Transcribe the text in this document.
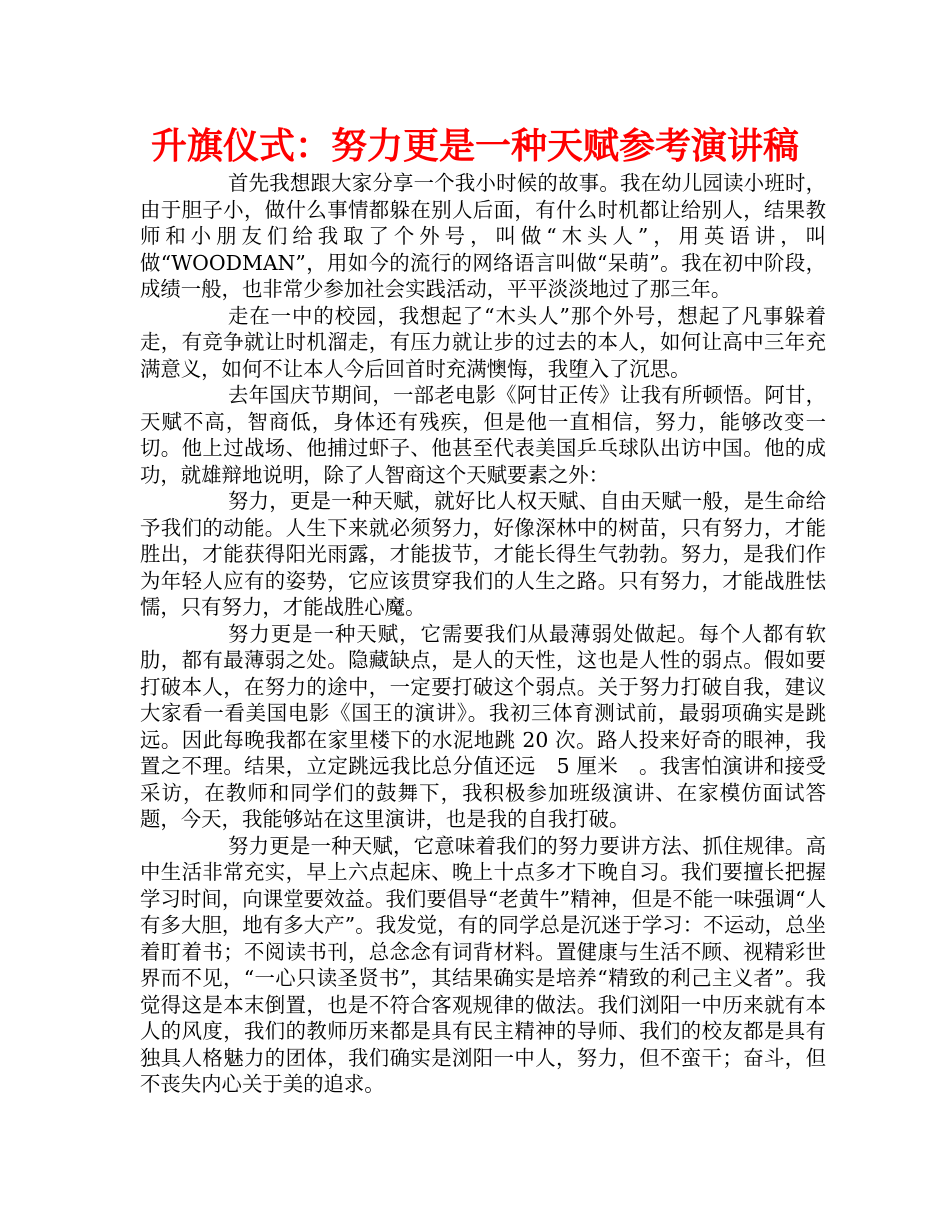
升旗仪式：努力更是一种天赋参考演讲稿

首先我想跟大家分享一个我小时候的故事。我在幼儿园读小班时，由于胆子小，做什么事情都躲在别人后面，有什么时机都让给别人，结果教师和小朋友们给我取了个外号，叫做“木头人”，用英语讲，叫做“WOODMAN”，用如今的流行的网络语言叫做“呆萌”。我在初中阶段，成绩一般，也非常少参加社会实践活动，平平淡淡地过了那三年。

走在一中的校园，我想起了“木头人”那个外号，想起了凡事躲着走，有竞争就让时机溜走，有压力就让步的过去的本人，如何让高中三年充满意义，如何不让本人今后回首时充满懊悔，我堕入了沉思。

去年国庆节期间，一部老电影《阿甘正传》让我有所顿悟。阿甘，天赋不高，智商低，身体还有残疾，但是他一直相信，努力，能够改变一切。他上过战场、他捕过虾子、他甚至代表美国乒乓球队出访中国。他的成功，就雄辩地说明，除了人智商这个天赋要素之外：

努力，更是一种天赋，就好比人权天赋、自由天赋一般，是生命给予我们的动能。人生下来就必须努力，好像深林中的树苗，只有努力，才能胜出，才能获得阳光雨露，才能拔节，才能长得生气勃勃。努力，是我们作为年轻人应有的姿势，它应该贯穿我们的人生之路。只有努力，才能战胜怯懦，只有努力，才能战胜心魔。

努力更是一种天赋，它需要我们从最薄弱处做起。每个人都有软肋，都有最薄弱之处。隐藏缺点，是人的天性，这也是人性的弱点。假如要打破本人，在努力的途中，一定要打破这个弱点。关于努力打破自我，建议大家看一看美国电影《国王的演讲》。我初三体育测试前，最弱项确实是跳远。因此每晚我都在家里楼下的水泥地跳 20 次。路人投来好奇的眼神，我置之不理。结果，立定跳远我比总分值还远　5 厘米　。我害怕演讲和接受采访，在教师和同学们的鼓舞下，我积极参加班级演讲、在家模仿面试答题，今天，我能够站在这里演讲，也是我的自我打破。

努力更是一种天赋，它意味着我们的努力要讲方法、抓住规律。高中生活非常充实，早上六点起床、晚上十点多才下晚自习。我们要擅长把握学习时间，向课堂要效益。我们要倡导“老黄牛”精神，但是不能一味强调“人有多大胆，地有多大产”。我发觉，有的同学总是沉迷于学习：不运动，总坐着盯着书；不阅读书刊，总念念有词背材料。置健康与生活不顾、视精彩世界而不见，“一心只读圣贤书”，其结果确实是培养“精致的利己主义者”。我觉得这是本末倒置，也是不符合客观规律的做法。我们浏阳一中历来就有本人的风度，我们的教师历来都是具有民主精神的导师、我们的校友都是具有独具人格魅力的团体，我们确实是浏阳一中人，努力，但不蛮干；奋斗，但不丧失内心关于美的追求。
